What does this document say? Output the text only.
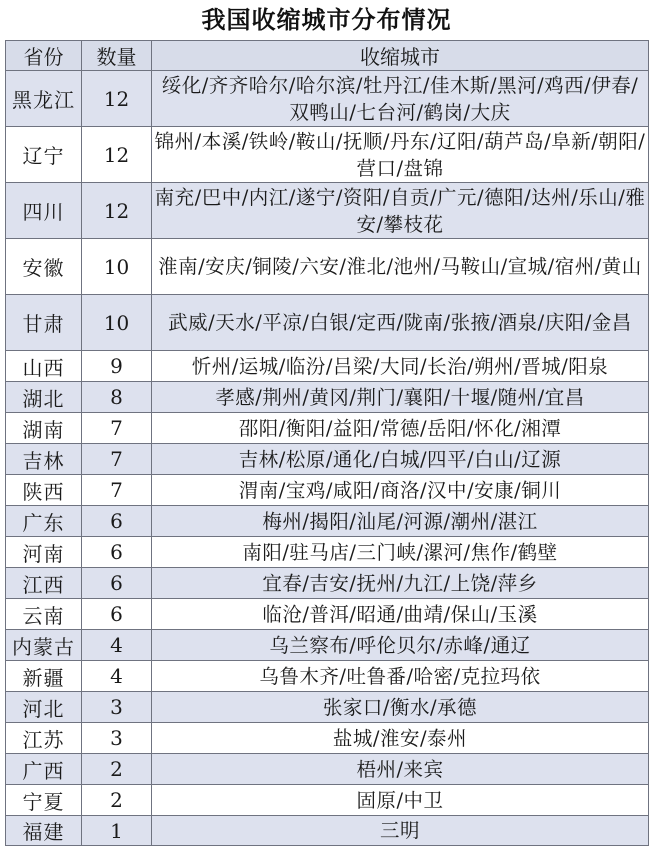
我国收缩城市分布情况
省份	数量	收缩城市
黑龙江	12	绥化/齐齐哈尔/哈尔滨/牡丹江/佳木斯/黑河/鸡西/伊春/双鸭山/七台河/鹤岗/大庆
辽宁	12	锦州/本溪/铁岭/鞍山/抚顺/丹东/辽阳/葫芦岛/阜新/朝阳/营口/盘锦
四川	12	南充/巴中/内江/遂宁/资阳/自贡/广元/德阳/达州/乐山/雅安/攀枝花
安徽	10	淮南/安庆/铜陵/六安/淮北/池州/马鞍山/宣城/宿州/黄山
甘肃	10	武威/天水/平凉/白银/定西/陇南/张掖/酒泉/庆阳/金昌
山西	9	忻州/运城/临汾/吕梁/大同/长治/朔州/晋城/阳泉
湖北	8	孝感/荆州/黄冈/荆门/襄阳/十堰/随州/宜昌
湖南	7	邵阳/衡阳/益阳/常德/岳阳/怀化/湘潭
吉林	7	吉林/松原/通化/白城/四平/白山/辽源
陕西	7	渭南/宝鸡/咸阳/商洛/汉中/安康/铜川
广东	6	梅州/揭阳/汕尾/河源/潮州/湛江
河南	6	南阳/驻马店/三门峡/漯河/焦作/鹤壁
江西	6	宜春/吉安/抚州/九江/上饶/萍乡
云南	6	临沧/普洱/昭通/曲靖/保山/玉溪
内蒙古	4	乌兰察布/呼伦贝尔/赤峰/通辽
新疆	4	乌鲁木齐/吐鲁番/哈密/克拉玛依
河北	3	张家口/衡水/承德
江苏	3	盐城/淮安/泰州
广西	2	梧州/来宾
宁夏	2	固原/中卫
福建	1	三明
